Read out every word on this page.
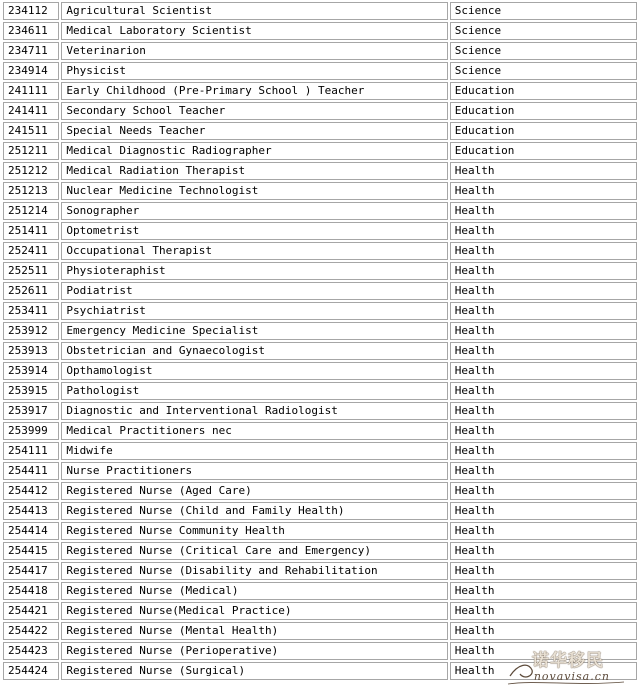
234112	Agricultural Scientist	Science
234611	Medical Laboratory Scientist	Science
234711	Veterinarion	Science
234914	Physicist	Science
241111	Early Childhood (Pre-Primary School ) Teacher	Education
241411	Secondary School Teacher	Education
241511	Special Needs Teacher	Education
251211	Medical Diagnostic Radiographer	Education
251212	Medical Radiation Therapist	Health
251213	Nuclear Medicine Technologist	Health
251214	Sonographer	Health
251411	Optometrist	Health
252411	Occupational Therapist	Health
252511	Physioteraphist	Health
252611	Podiatrist	Health
253411	Psychiatrist	Health
253912	Emergency Medicine Specialist	Health
253913	Obstetrician and Gynaecologist	Health
253914	Opthamologist	Health
253915	Pathologist	Health
253917	Diagnostic and Interventional Radiologist	Health
253999	Medical Practitioners nec	Health
254111	Midwife	Health
254411	Nurse Practitioners	Health
254412	Registered Nurse (Aged Care)	Health
254413	Registered Nurse (Child and Family Health)	Health
254414	Registered Nurse Community Health	Health
254415	Registered Nurse (Critical Care and Emergency)	Health
254417	Registered Nurse (Disability and Rehabilitation	Health
254418	Registered Nurse (Medical)	Health
254421	Registered Nurse(Medical Practice)	Health
254422	Registered Nurse (Mental Health)	Health
254423	Registered Nurse (Perioperative)	Health
254424	Registered Nurse (Surgical)	Health 诺华移民
novavisa.cn
